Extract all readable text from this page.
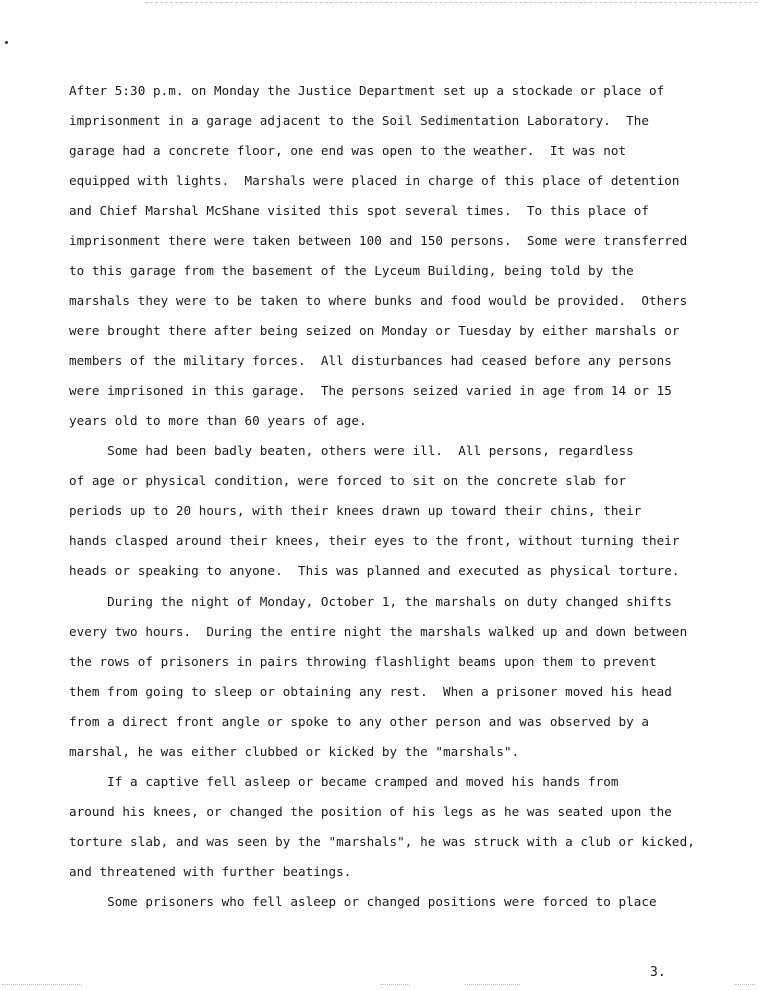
After 5:30 p.m. on Monday the Justice Department set up a stockade or place of

imprisonment in a garage adjacent to the Soil Sedimentation Laboratory.  The

garage had a concrete floor, one end was open to the weather.  It was not

equipped with lights.  Marshals were placed in charge of this place of detention

and Chief Marshal McShane visited this spot several times.  To this place of

imprisonment there were taken between 100 and 150 persons.  Some were transferred

to this garage from the basement of the Lyceum Building, being told by the

marshals they were to be taken to where bunks and food would be provided.  Others

were brought there after being seized on Monday or Tuesday by either marshals or

members of the military forces.  All disturbances had ceased before any persons

were imprisoned in this garage.  The persons seized varied in age from 14 or 15

years old to more than 60 years of age.

Some had been badly beaten, others were ill.  All persons, regardless

of age or physical condition, were forced to sit on the concrete slab for

periods up to 20 hours, with their knees drawn up toward their chins, their

hands clasped around their knees, their eyes to the front, without turning their

heads or speaking to anyone.  This was planned and executed as physical torture.

During the night of Monday, October 1, the marshals on duty changed shifts

every two hours.  During the entire night the marshals walked up and down between

the rows of prisoners in pairs throwing flashlight beams upon them to prevent

them from going to sleep or obtaining any rest.  When a prisoner moved his head

from a direct front angle or spoke to any other person and was observed by a

marshal, he was either clubbed or kicked by the "marshals".

If a captive fell asleep or became cramped and moved his hands from

around his knees, or changed the position of his legs as he was seated upon the

torture slab, and was seen by the "marshals", he was struck with a club or kicked,

and threatened with further beatings.

Some prisoners who fell asleep or changed positions were forced to place

3.
